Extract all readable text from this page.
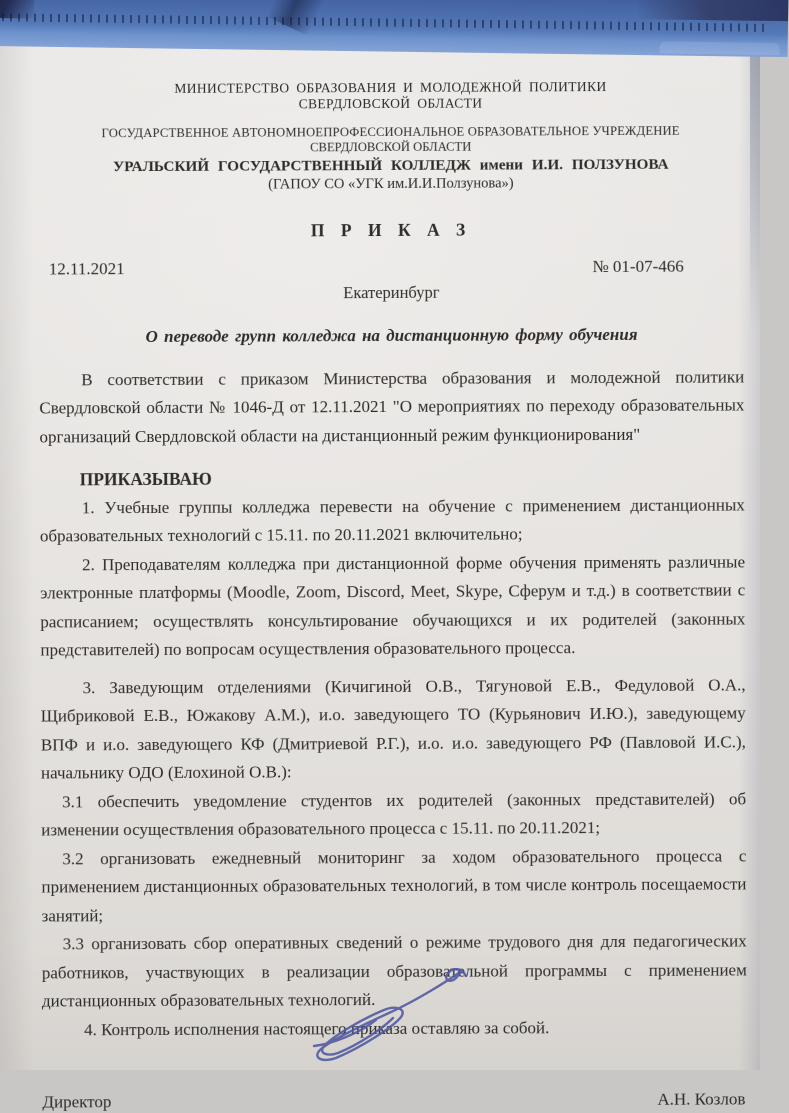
МИНИСТЕРСТВО ОБРАЗОВАНИЯ И МОЛОДЕЖНОЙ ПОЛИТИКИ

СВЕРДЛОВСКОЙ ОБЛАСТИ

ГОСУДАРСТВЕННОЕ АВТОНОМНОЕПРОФЕССИОНАЛЬНОЕ ОБРАЗОВАТЕЛЬНОЕ УЧРЕЖДЕНИЕ

СВЕРДЛОВСКОЙ ОБЛАСТИ

УРАЛЬСКИЙ ГОСУДАРСТВЕННЫЙ КОЛЛЕДЖ имени И.И. ПОЛЗУНОВА

(ГАПОУ СО «УГК им.И.И.Ползунова»)

П Р И К А З

12.11.2021	№ 01-07-466

Екатеринбург

О переводе групп колледжа на дистанционную форму обучения

В соответствии с приказом Министерства образования и молодежной политики Свердловской области № 1046-Д от 12.11.2021 "О мероприятиях по переходу образовательных организаций Свердловской области на дистанционный режим функционирования"

ПРИКАЗЫВАЮ

1. Учебные группы колледжа перевести на обучение с применением дистанционных образовательных технологий с 15.11. по 20.11.2021 включительно;

2. Преподавателям колледжа при дистанционной форме обучения применять различные электронные платформы (Moodle, Zoom, Discord, Meet, Skype, Сферум и т.д.) в соответствии с расписанием; осуществлять консультирование обучающихся и их родителей (законных представителей) по вопросам осуществления образовательного процесса.

3. Заведующим отделениями (Кичигиной О.В., Тягуновой Е.В., Федуловой О.А., Щибриковой Е.В., Южакову А.М.), и.о. заведующего ТО (Курьянович И.Ю.), заведующему ВПФ и и.о. заведующего КФ (Дмитриевой Р.Г.), и.о. и.о. заведующего РФ (Павловой И.С.), начальнику ОДО (Елохиной О.В.):

3.1 обеспечить уведомление студентов их родителей (законных представителей) об изменении осуществления образовательного процесса с 15.11. по 20.11.2021;

3.2 организовать ежедневный мониторинг за ходом образовательного процесса с применением дистанционных образовательных технологий, в том числе контроль посещаемости занятий;

3.3 организовать сбор оперативных сведений о режиме трудового дня для педагогических работников, участвующих в реализации образовательной программы с применением дистанционных образовательных технологий.

4. Контроль исполнения настоящего приказа оставляю за собой.

Директор	А.Н. Козлов
